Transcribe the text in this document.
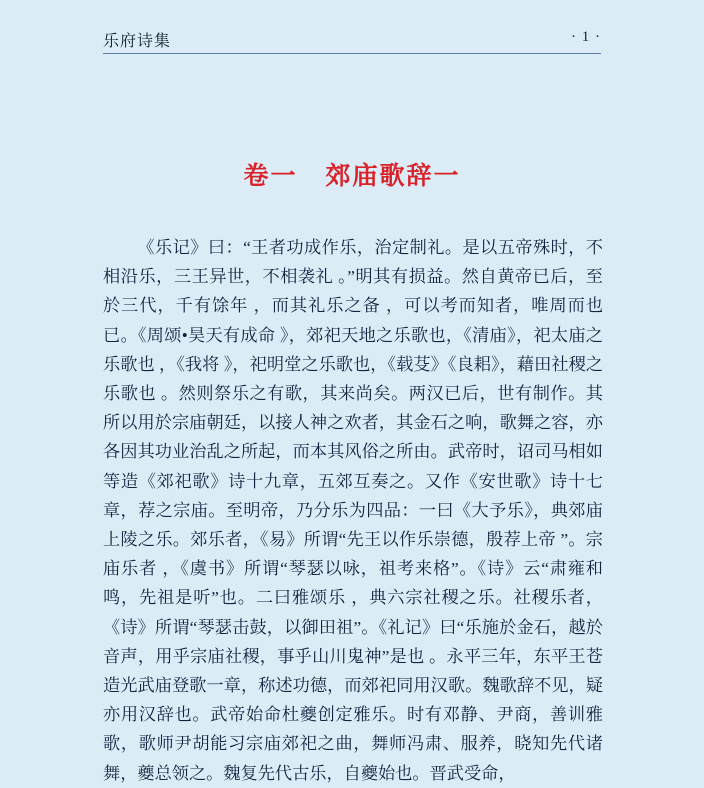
乐府诗集	· 1 ·
卷一 郊庙歌辞一
《乐记》曰：“王者功成作乐，治定制礼。是以五帝殊时，不相沿乐，三王异世，不相袭礼 。”明其有损益。然自黄帝已后，至於三代，千有馀年 ，而其礼乐之备 ，可以考而知者，唯周而也已。《周颂•昊天有成命 》，郊祀天地之乐歌也，《清庙》，祀太庙之乐歌也 ，《我将 》，祀明堂之乐歌也，《载芟》《良耜》，藉田社稷之乐歌也 。然则祭乐之有歌，其来尚矣。两汉已后，世有制作。其所以用於宗庙朝廷，以接人神之欢者，其金石之响，歌舞之容，亦各因其功业治乱之所起，而本其风俗之所由。武帝时，诏司马相如等造《郊祀歌》诗十九章，五郊互奏之。又作《安世歌》诗十七章，荐之宗庙。至明帝，乃分乐为四品：一曰《大予乐》，典郊庙上陵之乐。郊乐者，《易》所谓“先王以作乐崇德，殷荐上帝 ”。宗庙乐者 ，《虞书》所谓“琴瑟以咏，祖考来格”。《诗》云“肃雍和鸣，先祖是听”也。二曰雅颂乐 ，典六宗社稷之乐。社稷乐者，《诗》所谓“琴瑟击鼓，以御田祖”。《礼记》曰“乐施於金石，越於音声，用乎宗庙社稷，事乎山川鬼神”是也 。永平三年，东平王苍造光武庙登歌一章，称述功德，而郊祀同用汉歌。魏歌辞不见，疑亦用汉辞也。武帝始命杜夔创定雅乐。时有邓静、尹商，善训雅歌，歌师尹胡能习宗庙郊祀之曲，舞师冯肃、服养，晓知先代诸舞，夔总领之。魏复先代古乐，自夔始也。晋武受命，
